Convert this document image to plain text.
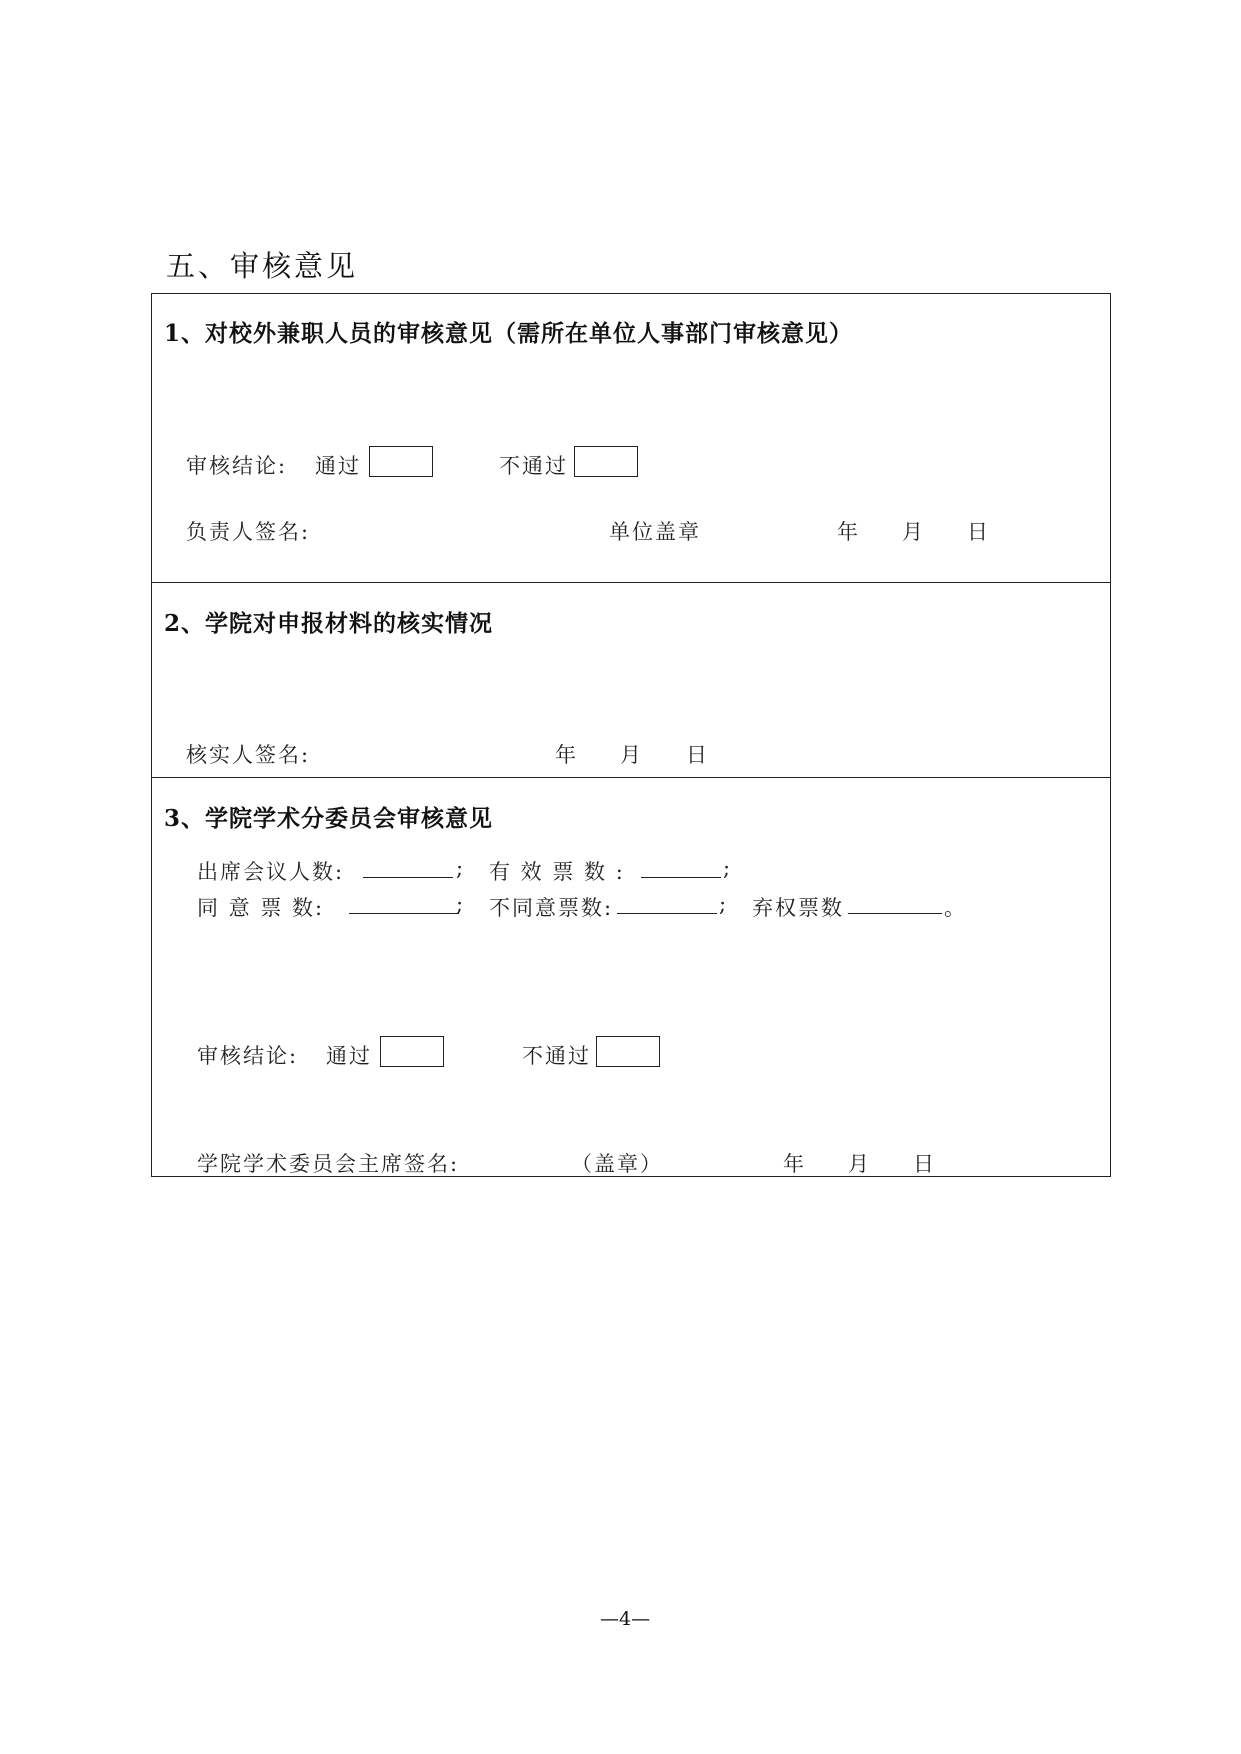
五、审核意见
1、对校外兼职人员的审核意见（需所在单位人事部门审核意见）
审核结论: 通过	不通过
负责人签名:	单位盖章	年 月 日
2、学院对申报材料的核实情况
核实人签名:	年 月 日
3、学院学术分委员会审核意见
出席会议人数:	; 有 效 票 数 :	;
同 意 票 数:	; 不同意票数:	; 弃权票数	。
审核结论: 通过	不通过
学院学术委员会主席签名:	（盖章）	年 月 日
—4—
